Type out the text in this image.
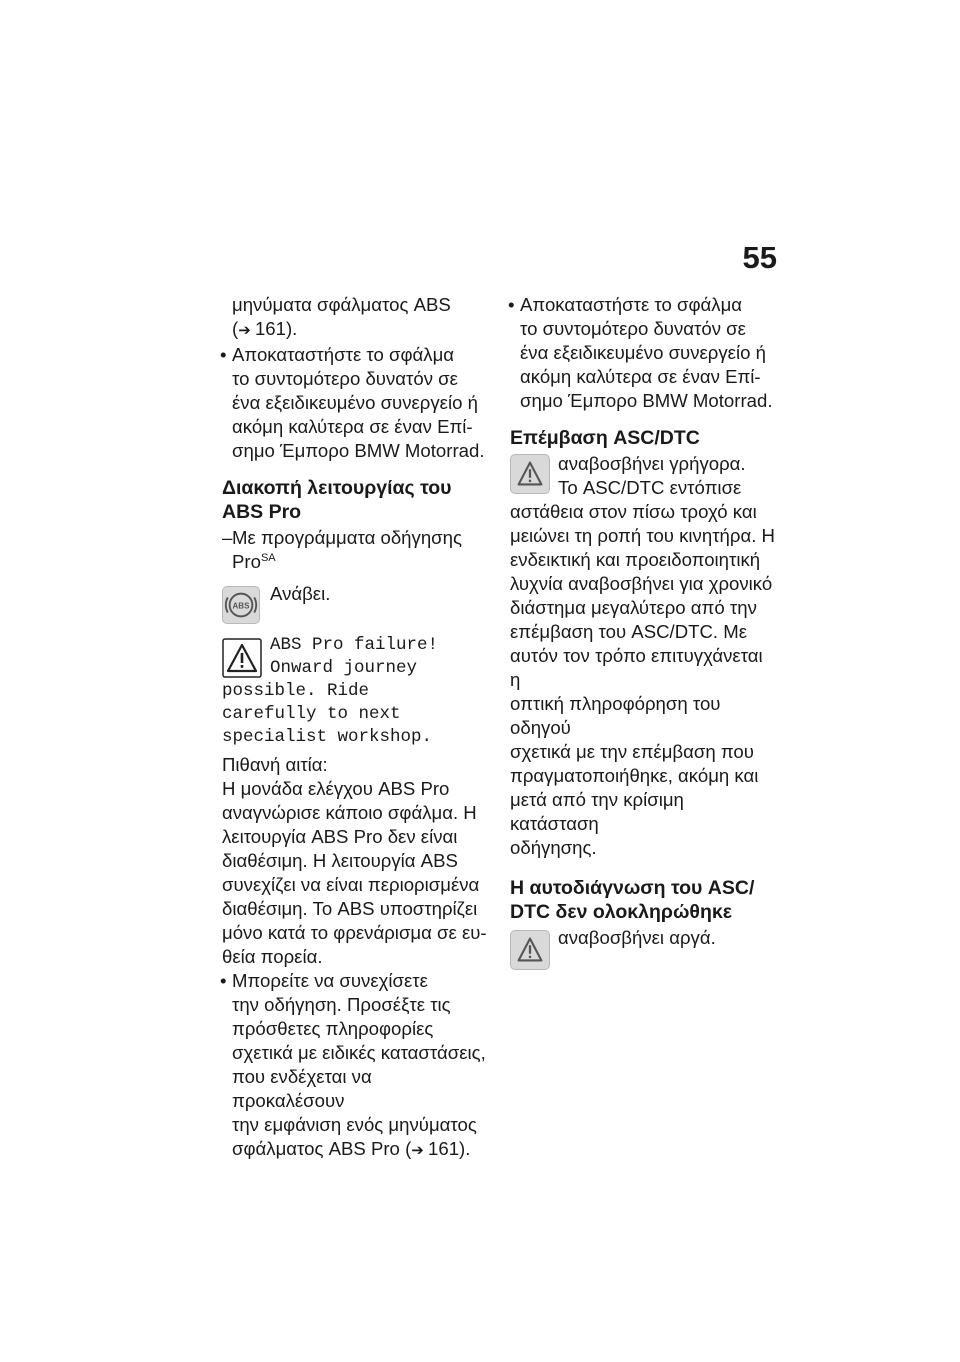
55

μηνύματα σφάλματος ABS
(➔ 161).

• Αποκαταστήστε το σφάλμα
το συντομότερο δυνατόν σε
ένα εξειδικευμένο συνεργείο ή
ακόμη καλύτερα σε έναν Επί-
σημο Έμπορο BMW Motorrad.
Διακοπή λειτουργίας του
ABS Pro
– Με προγράμματα οδήγησης
Pro$^{SA}$
ABS
Ανάβει.
ABS Pro failure!
Onward journey
possible. Ride
carefully to next
specialist workshop.

Πιθανή αιτία:

Η μονάδα ελέγχου ABS Pro
αναγνώρισε κάποιο σφάλμα. Η
λειτουργία ABS Pro δεν είναι
διαθέσιμη. Η λειτουργία ABS
συνεχίζει να είναι περιορισμένα
διαθέσιμη. Το ABS υποστηρίζει
μόνο κατά το φρενάρισμα σε ευ-
θεία πορεία.

• Μπορείτε να συνεχίσετε
την οδήγηση. Προσέξτε τις
πρόσθετες πληροφορίες
σχετικά με ειδικές καταστάσεις,
που ενδέχεται να προκαλέσουν
την εμφάνιση ενός μηνύματος
σφάλματος ABS Pro (➔ 161).
• Αποκαταστήστε το σφάλμα
το συντομότερο δυνατόν σε
ένα εξειδικευμένο συνεργείο ή
ακόμη καλύτερα σε έναν Επί-
σημο Έμπορο BMW Motorrad.
Επέμβαση ASC/DTC
αναβοσβήνει γρήγορα.
Το ASC/DTC εντόπισε
αστάθεια στον πίσω τροχό και
μειώνει τη ροπή του κινητήρα. Η
ενδεικτική και προειδοποιητική
λυχνία αναβοσβήνει για χρονικό
διάστημα μεγαλύτερο από την
επέμβαση του ASC/DTC. Με
αυτόν τον τρόπο επιτυγχάνεται η
οπτική πληροφόρηση του οδηγού
σχετικά με την επέμβαση που
πραγματοποιήθηκε, ακόμη και
μετά από την κρίσιμη κατάσταση
οδήγησης.
Η αυτοδιάγνωση του ASC/
DTC δεν ολοκληρώθηκε
αναβοσβήνει αργά.
